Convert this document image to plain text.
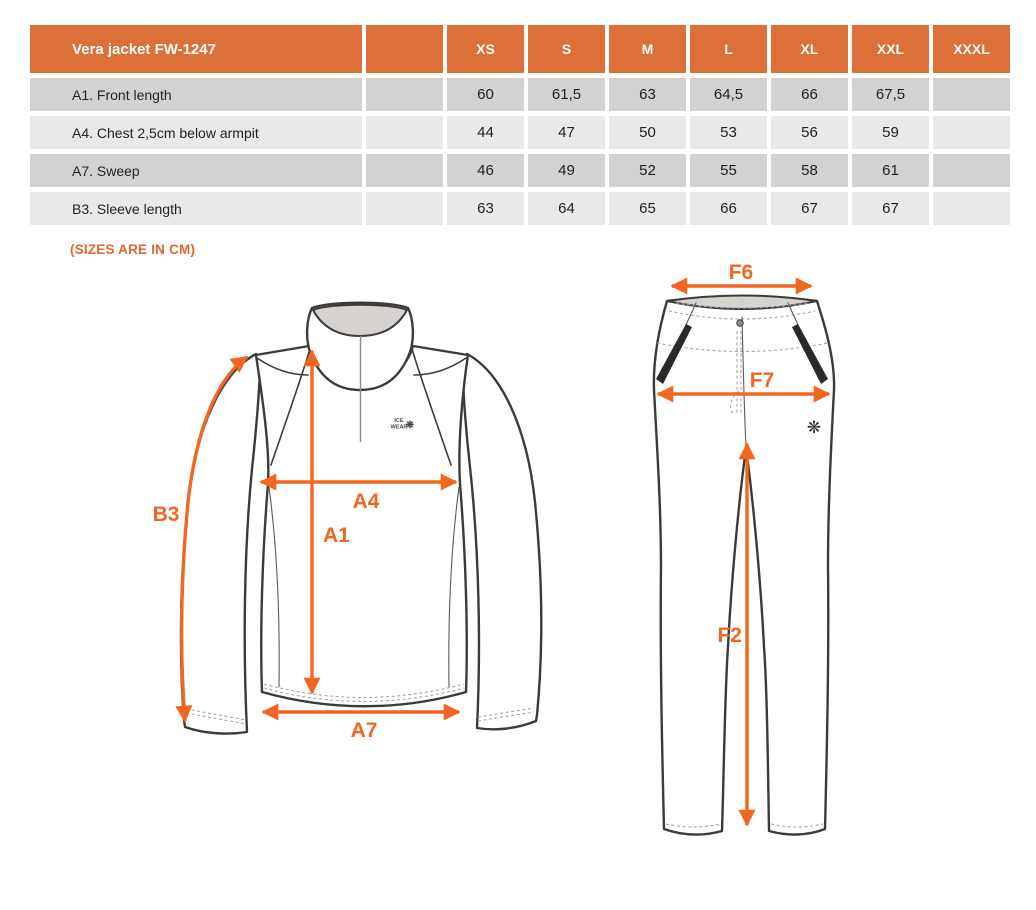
Vera jacket FW-1247		XS	S	M	L	XL	XXL	XXXL
A1. Front length		60	61,5	63	64,5	66	67,5	
A4. Chest 2,5cm below armpit		44	47	50	53	56	59	
A7. Sweep		46	49	52	55	58	61	
B3. Sleeve length		63	64	65	66	67	67	
(SIZES ARE IN CM)
ICE
WEAR
❋
A4
A1
B3
A7
❋
F6
F7
F2
